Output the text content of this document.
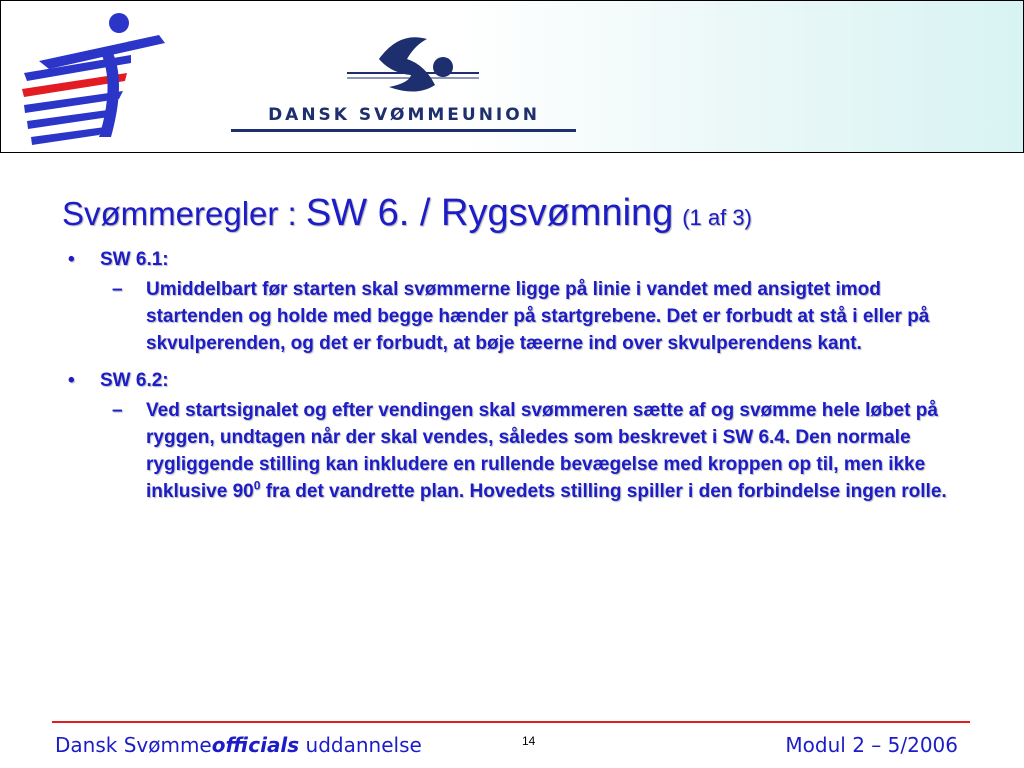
DANSK SVØMMEUNION
Svømmeregler : SW 6. / Rygsvømning (1 af 3)
• SW 6.1:
– Umiddelbart før starten skal svømmerne ligge på linie i vandet med ansigtet imod startenden og holde med begge hænder på startgrebene. Det er forbudt at stå i eller på skvulperenden, og det er forbudt, at bøje tæerne ind over skvulperendens kant.

• SW 6.2:
– Ved startsignalet og efter vendingen skal svømmeren sætte af og svømme hele løbet på ryggen, undtagen når der skal vendes, således som beskrevet i SW 6.4. Den normale rygliggende stilling kan inkludere en rullende bevægelse med kroppen op til, men ikke inklusive $90^0$ fra det vandrette plan. Hovedets stilling spiller i den forbindelse ingen rolle.

Dansk Svømmeofficials uddannelse	14	Modul 2 – 5/2006
